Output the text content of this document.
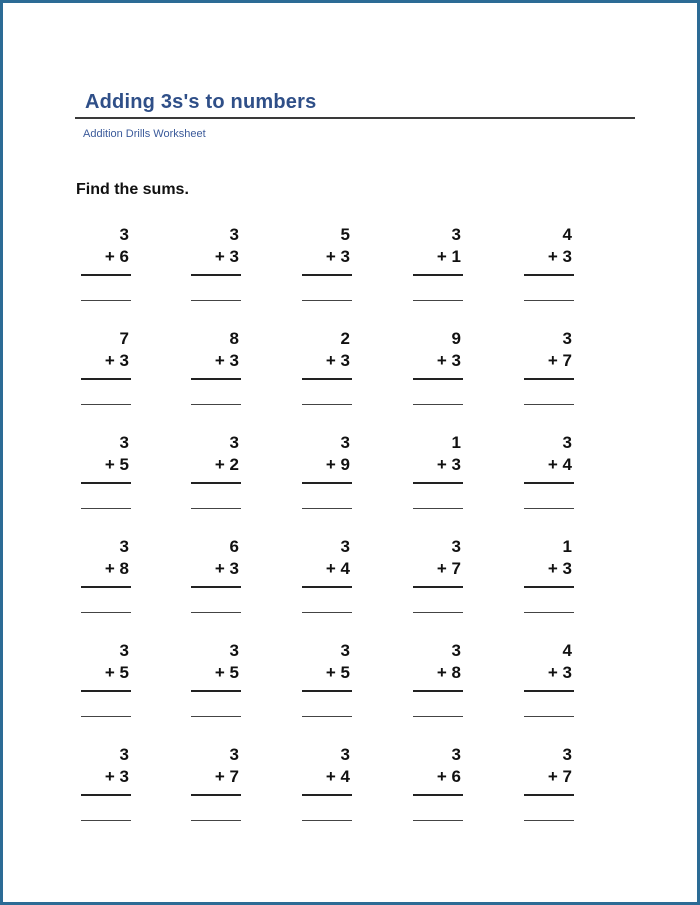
Adding 3s's to numbers
Addition Drills Worksheet
Find the sums.
3
+ 6
3
+ 3
5
+ 3
3
+ 1
4
+ 3
7
+ 3
8
+ 3
2
+ 3
9
+ 3
3
+ 7
3
+ 5
3
+ 2
3
+ 9
1
+ 3
3
+ 4
3
+ 8
6
+ 3
3
+ 4
3
+ 7
1
+ 3
3
+ 5
3
+ 5
3
+ 5
3
+ 8
4
+ 3
3
+ 3
3
+ 7
3
+ 4
3
+ 6
3
+ 7
